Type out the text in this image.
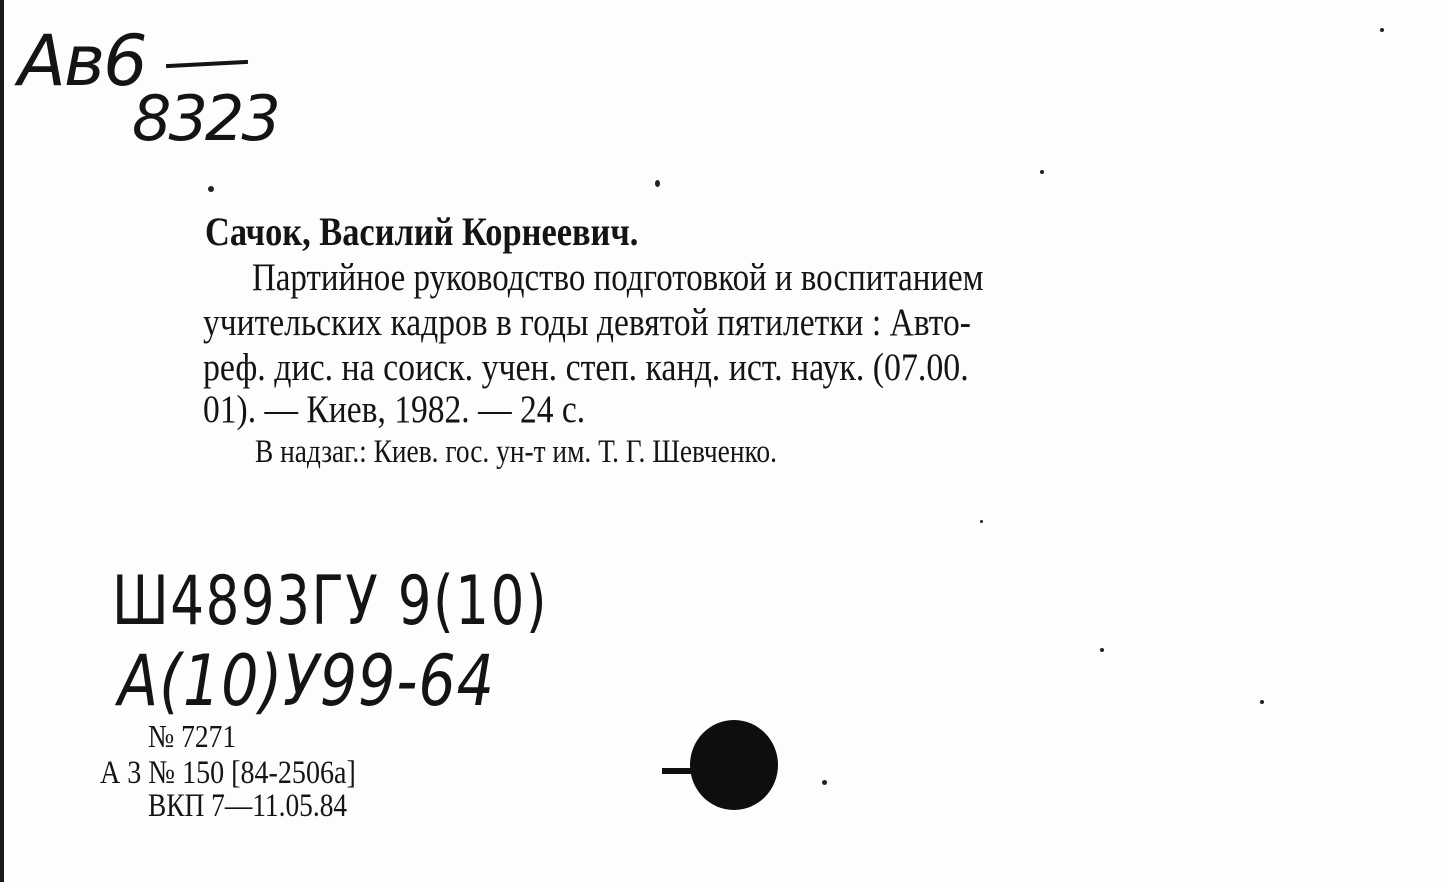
Ав6
8323
Сачок, Василий Корнеевич.
Партийное руководство подготовкой и воспитанием
учительских кадров в годы девятой пятилетки : Авто-
реф. дис. на соиск. учен. степ. канд. ист. наук. (07.00.
01). — Киев, 1982. — 24 с.
В надзаг.: Киев. гос. ун-т им. Т. Г. Шевченко.
Ш4893ГУ 9(10)
А(10)У99-64
№ 7271
А 3 № 150 [84-2506а]
ВКП 7—11.05.84
